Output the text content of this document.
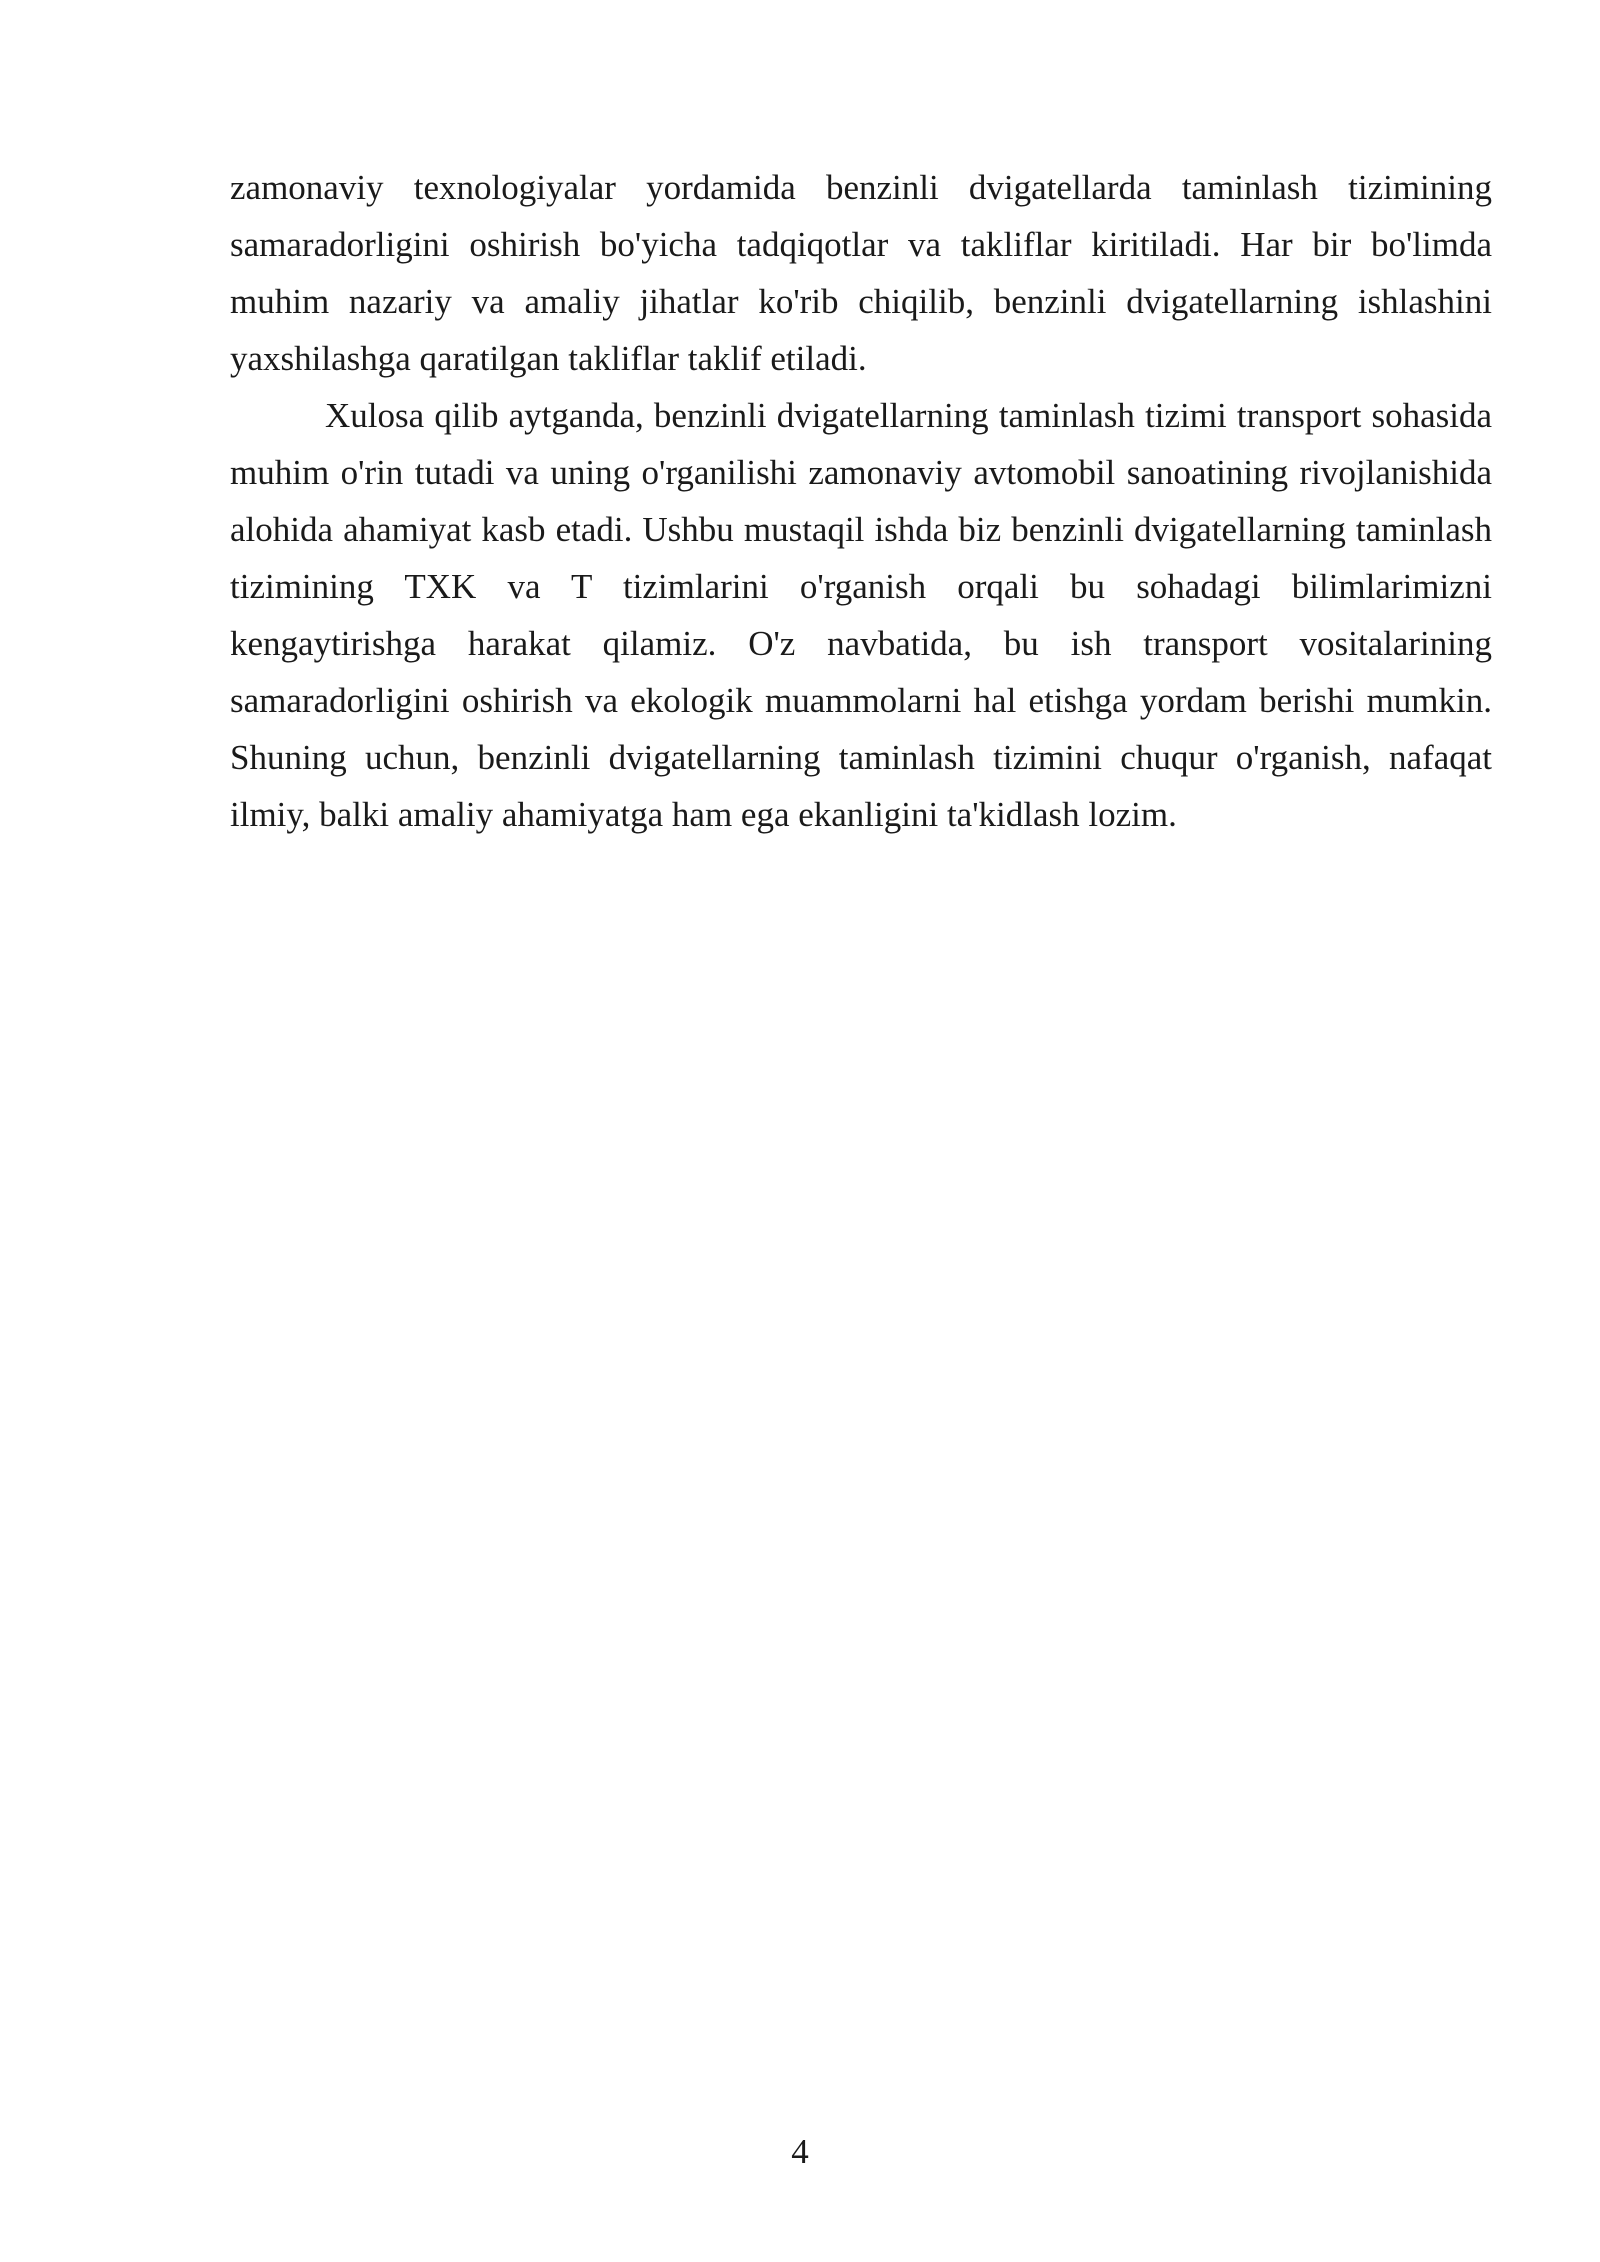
zamonaviy texnologiyalar yordamida benzinli dvigatellarda taminlash tizimining samaradorligini oshirish bo'yicha tadqiqotlar va takliflar kiritiladi. Har bir bo'limda muhim nazariy va amaliy jihatlar ko'rib chiqilib, benzinli dvigatellarning ishlashini yaxshilashga qaratilgan takliflar taklif etiladi.

Xulosa qilib aytganda, benzinli dvigatellarning taminlash tizimi transport sohasida muhim o'rin tutadi va uning o'rganilishi zamonaviy avtomobil sanoatining rivojlanishida alohida ahamiyat kasb etadi. Ushbu mustaqil ishda biz benzinli dvigatellarning taminlash tizimining TXK va T tizimlarini o'rganish orqali bu sohadagi bilimlarimizni kengaytirishga harakat qilamiz. O'z navbatida, bu ish transport vositalarining samaradorligini oshirish va ekologik muammolarni hal etishga yordam berishi mumkin. Shuning uchun, benzinli dvigatellarning taminlash tizimini chuqur o'rganish, nafaqat ilmiy, balki amaliy ahamiyatga ham ega ekanligini ta'kidlash lozim.

4
